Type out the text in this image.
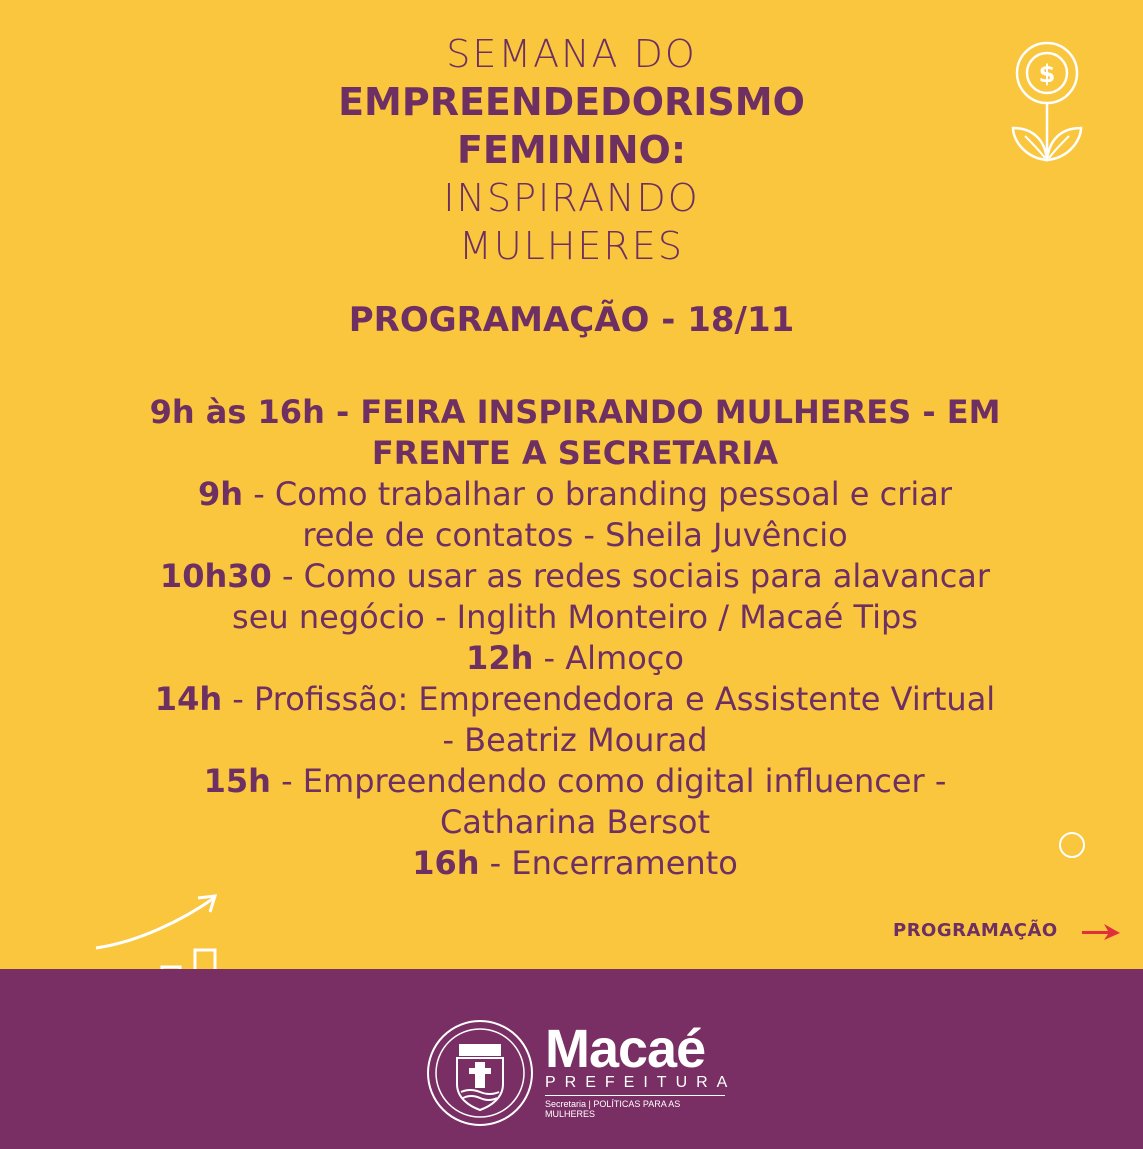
$
SEMANA DO
EMPREENDEDORISMO
FEMININO:
INSPIRANDO
MULHERES
PROGRAMAÇÃO - 18/11
9h às 16h - FEIRA INSPIRANDO MULHERES - EM
FRENTE A SECRETARIA
9h - Como trabalhar o branding pessoal e criar
rede de contatos - Sheila Juvêncio
10h30 - Como usar as redes sociais para alavancar
seu negócio - Inglith Monteiro / Macaé Tips
12h - Almoço
14h - Profissão: Empreendedora e Assistente Virtual
- Beatriz Mourad
15h - Empreendendo como digital influencer -
Catharina Bersot
16h - Encerramento
PROGRAMAÇÃO
Macaé
PREFEITURA
Secretaria | POLÍTICAS PARA AS MULHERES
